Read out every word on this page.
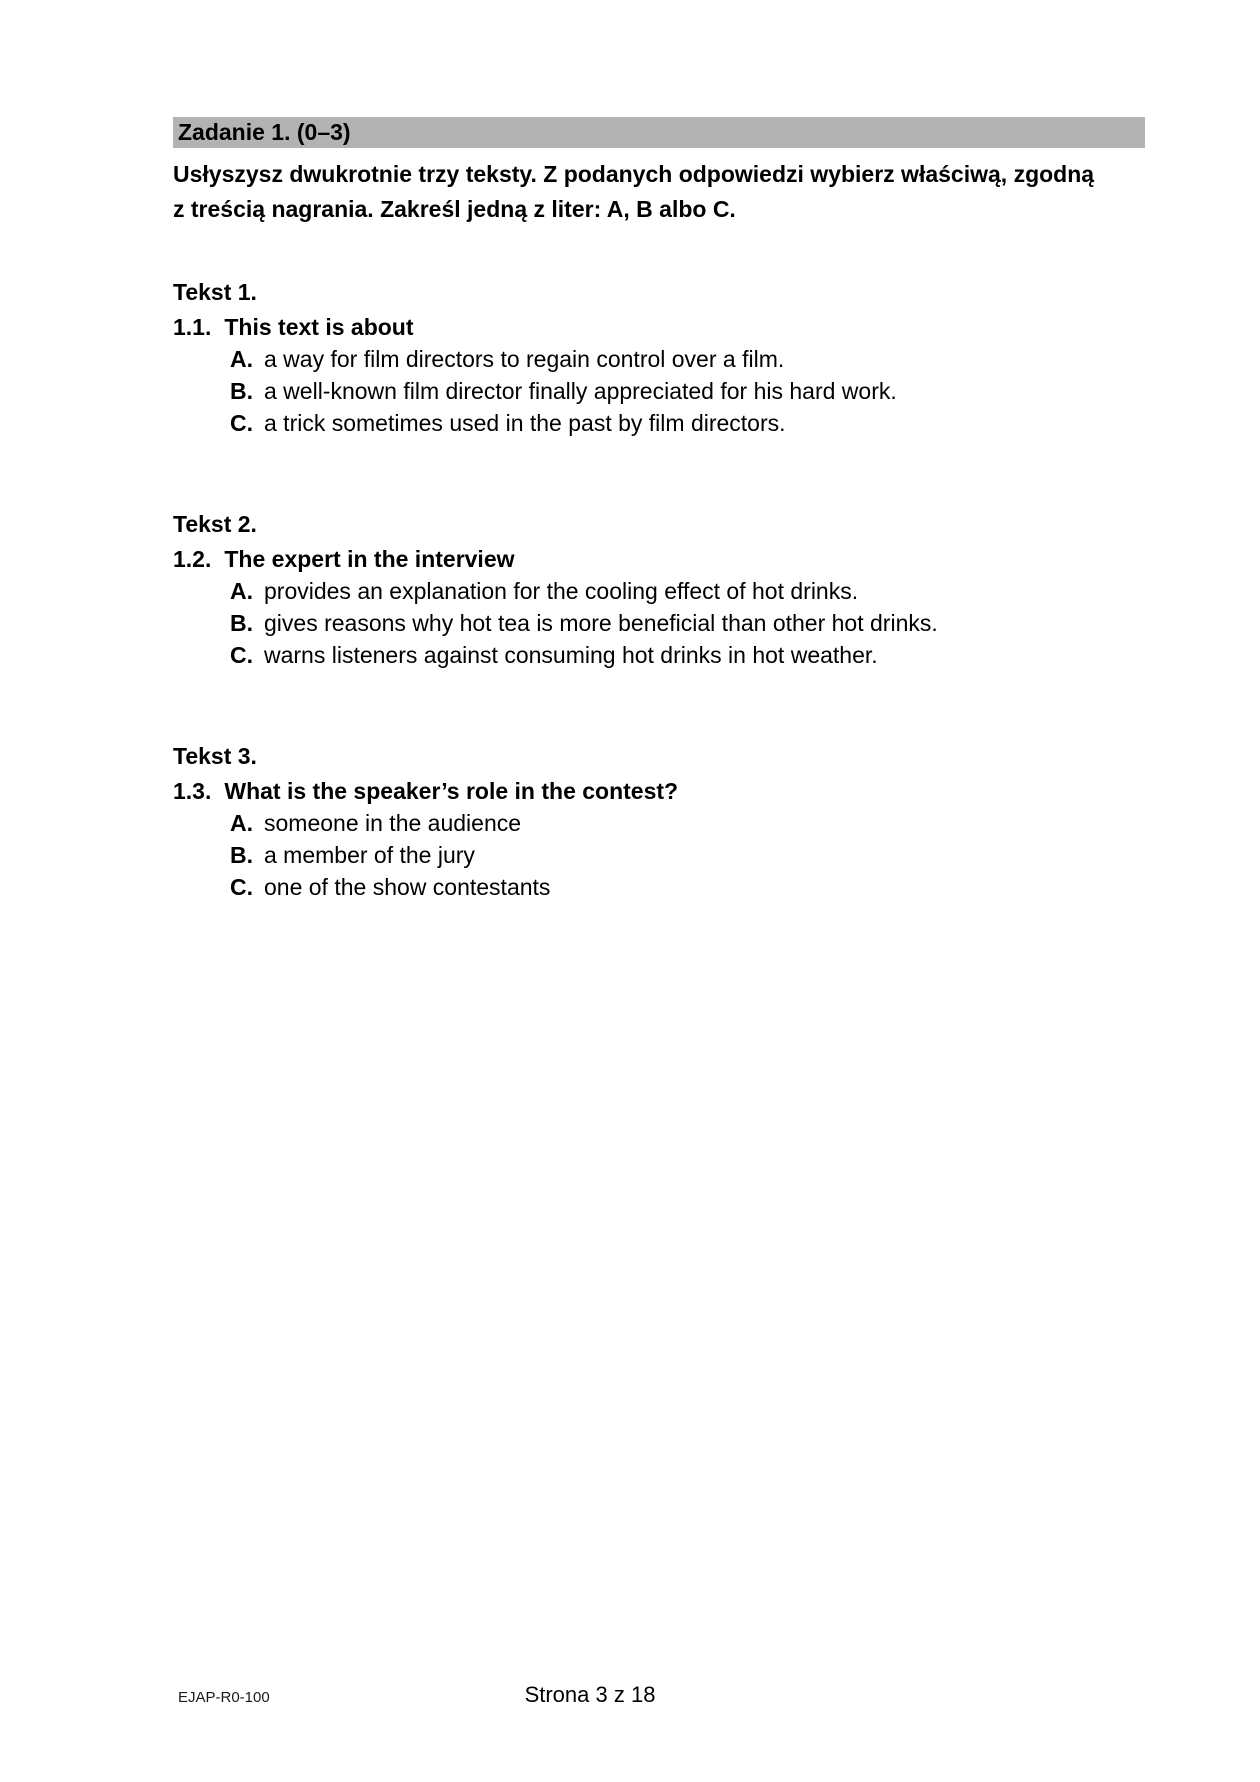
Zadanie 1. (0–3)

Usłyszysz dwukrotnie trzy teksty. Z podanych odpowiedzi wybierz właściwą, zgodną
z treścią nagrania. Zakreśl jedną z liter: A, B albo C.

Tekst 1.
1.1. This text is about
A. a way for film directors to regain control over a film.
B. a well-known film director finally appreciated for his hard work.
C. a trick sometimes used in the past by film directors.
Tekst 2.
1.2. The expert in the interview
A. provides an explanation for the cooling effect of hot drinks.
B. gives reasons why hot tea is more beneficial than other hot drinks.
C. warns listeners against consuming hot drinks in hot weather.
Tekst 3.
1.3. What is the speaker’s role in the contest?
A. someone in the audience
B. a member of the jury
C. one of the show contestants
EJAP-R0-100	Strona 3 z 18
